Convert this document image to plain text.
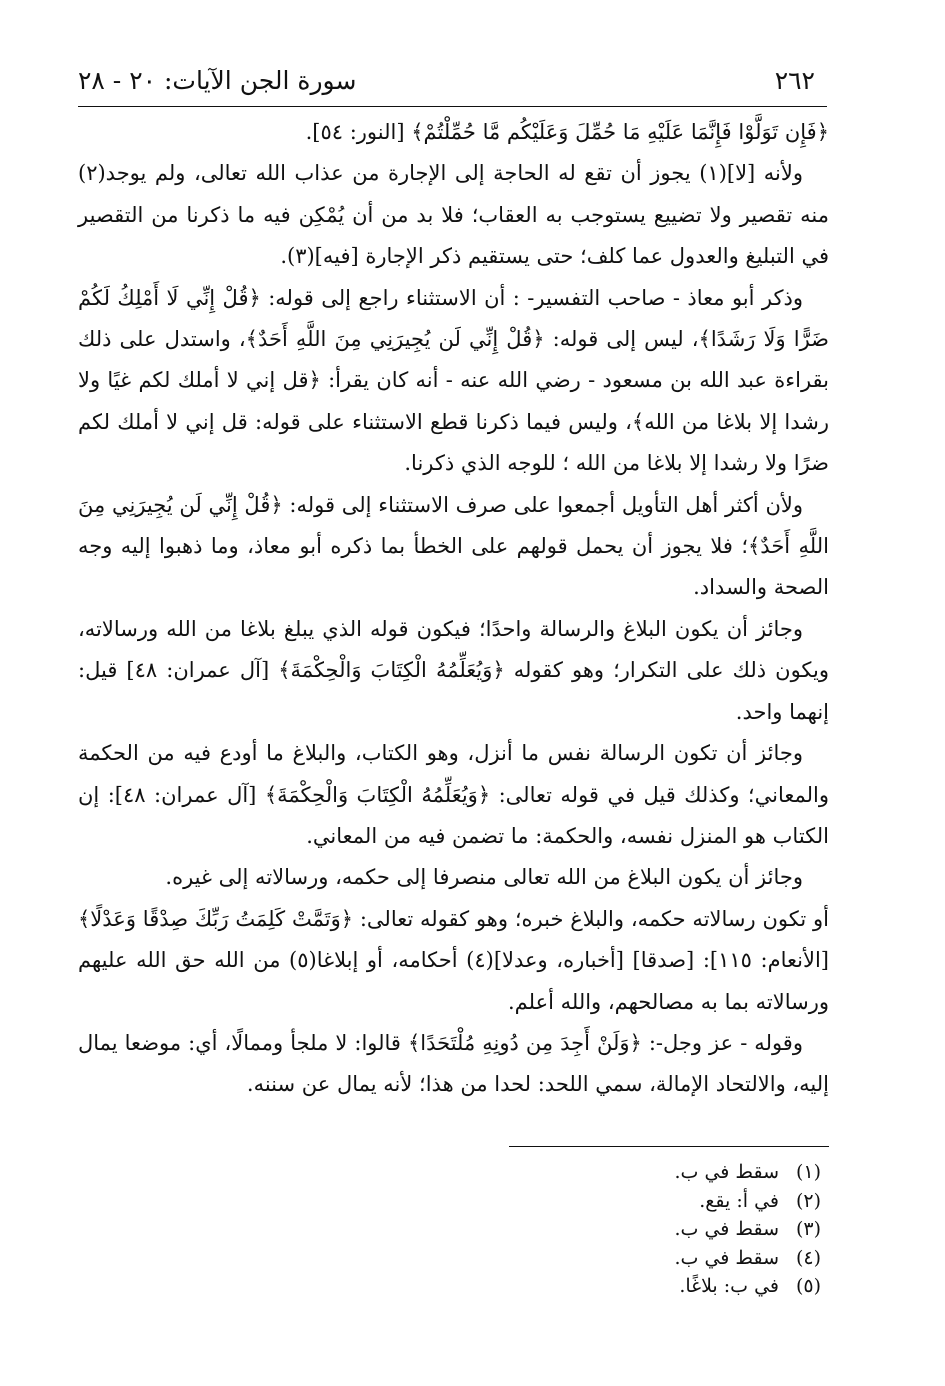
٢٦٢
سورة الجن الآيات: ٢٠ - ٢٨

﴿فَإِن تَوَلَّوْا فَإِنَّمَا عَلَيْهِ مَا حُمِّلَ وَعَلَيْكُم مَّا حُمِّلْتُمْ﴾ [النور: ٥٤].

ولأنه [لا](١) يجوز أن تقع له الحاجة إلى الإجارة من عذاب الله تعالى، ولم يوجد(٢) منه تقصير ولا تضييع يستوجب به العقاب؛ فلا بد من أن يُمْكِن فيه ما ذكرنا من التقصير في التبليغ والعدول عما كلف؛ حتى يستقيم ذكر الإجارة [فيه](٣).

وذكر أبو معاذ - صاحب التفسير- : أن الاستثناء راجع إلى قوله: ﴿قُلْ إِنِّي لَا أَمْلِكُ لَكُمْ ضَرًّا وَلَا رَشَدًا﴾، ليس إلى قوله: ﴿قُلْ إِنِّي لَن يُجِيرَنِي مِنَ اللَّهِ أَحَدٌ﴾، واستدل على ذلك بقراءة عبد الله بن مسعود - رضي الله عنه - أنه كان يقرأ: ﴿قل إني لا أملك لكم غيًا ولا رشدا إلا بلاغا من الله﴾، وليس فيما ذكرنا قطع الاستثناء على قوله: قل إني لا أملك لكم ضرًا ولا رشدا إلا بلاغا من الله ؛ للوجه الذي ذكرنا.

ولأن أكثر أهل التأويل أجمعوا على صرف الاستثناء إلى قوله: ﴿قُلْ إِنِّي لَن يُجِيرَنِي مِنَ اللَّهِ أَحَدٌ﴾؛ فلا يجوز أن يحمل قولهم على الخطأ بما ذكره أبو معاذ، وما ذهبوا إليه وجه الصحة والسداد.

وجائز أن يكون البلاغ والرسالة واحدًا؛ فيكون قوله الذي يبلغ بلاغا من الله ورسالاته، ويكون ذلك على التكرار؛ وهو كقوله ﴿وَيُعَلِّمُهُ الْكِتَابَ وَالْحِكْمَةَ﴾ [آل عمران: ٤٨] قيل: إنهما واحد.

وجائز أن تكون الرسالة نفس ما أنزل، وهو الكتاب، والبلاغ ما أودع فيه من الحكمة والمعاني؛ وكذلك قيل في قوله تعالى: ﴿وَيُعَلِّمُهُ الْكِتَابَ وَالْحِكْمَةَ﴾ [آل عمران: ٤٨]: إن الكتاب هو المنزل نفسه، والحكمة: ما تضمن فيه من المعاني.

وجائز أن يكون البلاغ من الله تعالى منصرفا إلى حكمه، ورسالاته إلى غيره.

أو تكون رسالاته حكمه، والبلاغ خبره؛ وهو كقوله تعالى: ﴿وَتَمَّتْ كَلِمَتُ رَبِّكَ صِدْقًا وَعَدْلًا﴾ [الأنعام: ١١٥]: [صدقا] [أخباره، وعدلا](٤) أحكامه، أو إبلاغا(٥) من الله حق الله عليهم ورسالاته بما به مصالحهم، والله أعلم.

وقوله - عز وجل-: ﴿وَلَنْ أَجِدَ مِن دُونِهِ مُلْتَحَدًا﴾ قالوا: لا ملجأ وممالًا، أي: موضعا يمال إليه، والالتحاد الإمالة، سمي اللحد: لحدا من هذا؛ لأنه يمال عن سننه.

(١)
سقط في ب.
(٢)
في أ: يقع.
(٣)
سقط في ب.
(٤)
سقط في ب.
(٥)
في ب: بلاغًا.
